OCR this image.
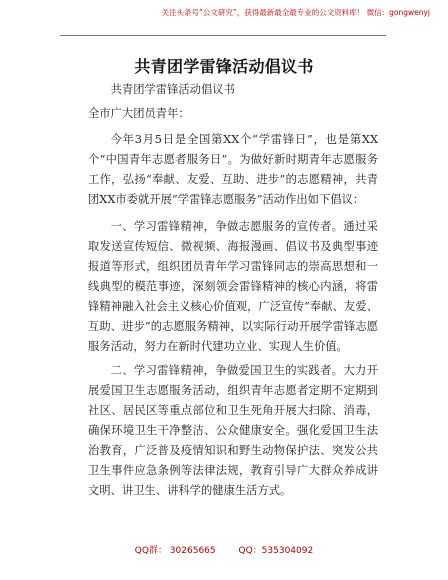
关注头条号“公文研究”，获得最新最全最专业的公文资料库！ 微信：gongwenyj
共青团学雷锋活动倡议书

共青团学雷锋活动倡议书

全市广大团员青年：

今年3月5日是全国第XX个“学雷锋日”，也是第XX个“中国青年志愿者服务日”。为做好新时期青年志愿服务工作，弘扬“奉献、友爱、互助、进步”的志愿精神，共青团XX市委就开展“学雷锋志愿服务”活动作出如下倡议：

一、学习雷锋精神，争做志愿服务的宣传者。通过采取发送宣传短信、微视频、海报漫画、倡议书及典型事迹报道等形式，组织团员青年学习雷锋同志的崇高思想和一线典型的模范事迹，深刻领会雷锋精神的核心内涵，将雷锋精神融入社会主义核心价值观，广泛宣传“奉献、友爱、互助、进步”的志愿服务精神，以实际行动开展学雷锋志愿服务活动，努力在新时代建功立业、实现人生价值。

二、学习雷锋精神，争做爱国卫生的实践者。大力开展爱国卫生志愿服务活动，组织青年志愿者定期不定期到社区、居民区等重点部位和卫生死角开展大扫除、消毒，确保环境卫生干净整洁、公众健康安全。强化爱国卫生法治教育，广泛普及疫情知识和野生动物保护法、突发公共卫生事件应急条例等法律法规，教育引导广大群众养成讲文明、讲卫生、讲科学的健康生活方式。

QQ群： 30265665        QQ：535304092
